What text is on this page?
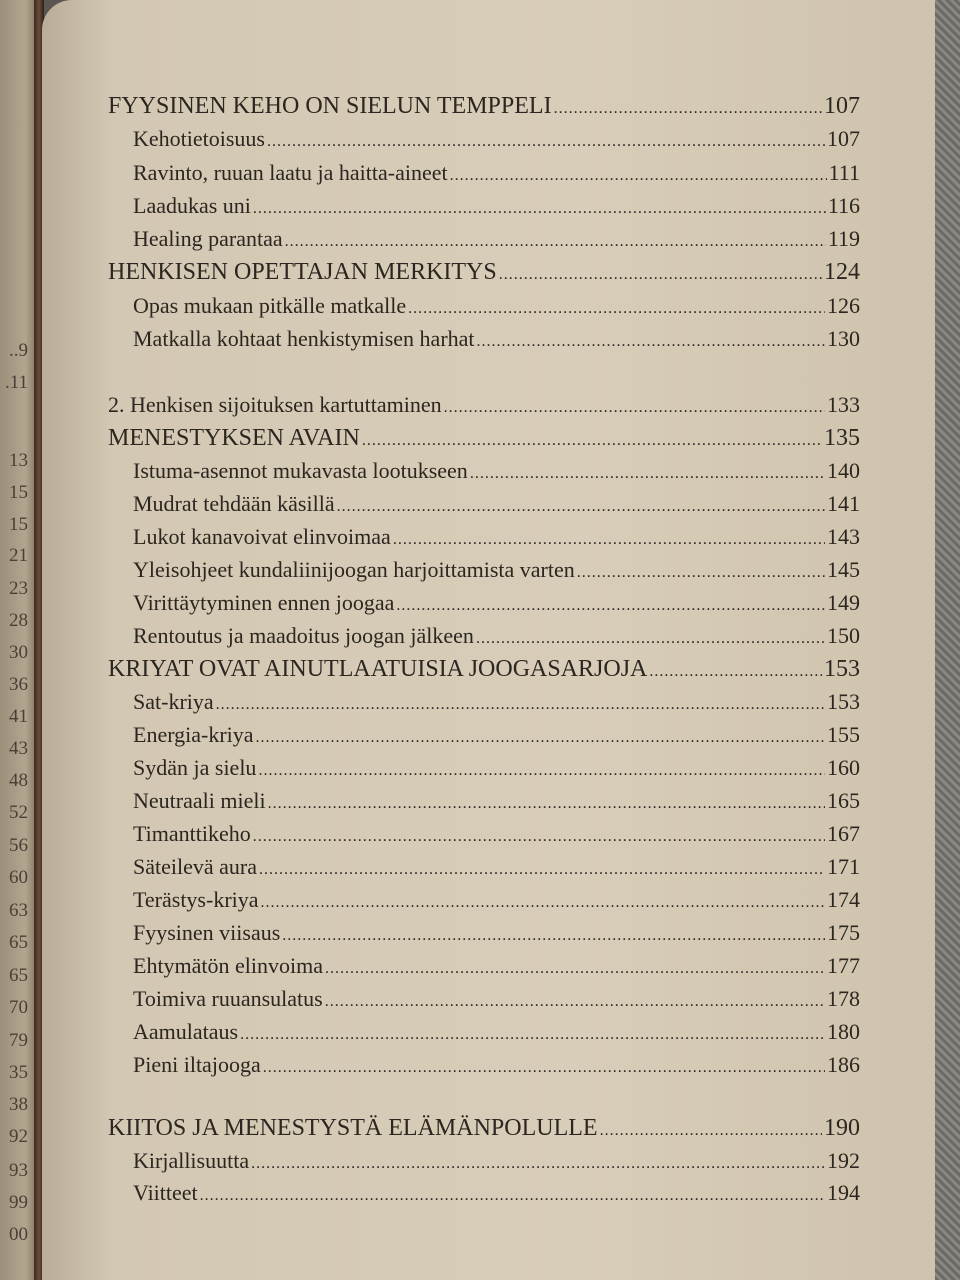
..9
.11
13
15
15
21
23
28
30
36
41
43
48
52
56
60
63
65
65
70
79
35
38
92
93
99
00
FYYSINEN KEHO ON SIELUN TEMPPELI .....	107
Kehotietoisuus .....	107
Ravinto, ruuan laatu ja haitta-aineet .....	111
Laadukas uni .....	116
Healing parantaa .....	119
HENKISEN OPETTAJAN MERKITYS .....	124
Opas mukaan pitkälle matkalle .....	126
Matkalla kohtaat henkistymisen harhat .....	130
2. Henkisen sijoituksen kartuttaminen .....	133
MENESTYKSEN AVAIN .....	135
Istuma-asennot mukavasta lootukseen .....	140
Mudrat tehdään käsillä .....	141
Lukot kanavoivat elinvoimaa .....	143
Yleisohjeet kundaliinijoogan harjoittamista varten .....	145
Virittäytyminen ennen joogaa .....	149
Rentoutus ja maadoitus joogan jälkeen .....	150
KRIYAT OVAT AINUTLAATUISIA JOOGASARJOJA .....	153
Sat-kriya .....	153
Energia-kriya .....	155
Sydän ja sielu .....	160
Neutraali mieli .....	165
Timanttikeho .....	167
Säteilevä aura .....	171
Terästys-kriya .....	174
Fyysinen viisaus .....	175
Ehtymätön elinvoima .....	177
Toimiva ruuansulatus .....	178
Aamulataus .....	180
Pieni iltajooga .....	186
KIITOS JA MENESTYSTÄ ELÄMÄNPOLULLE .....	190
Kirjallisuutta .....	192
Viitteet .....	194
